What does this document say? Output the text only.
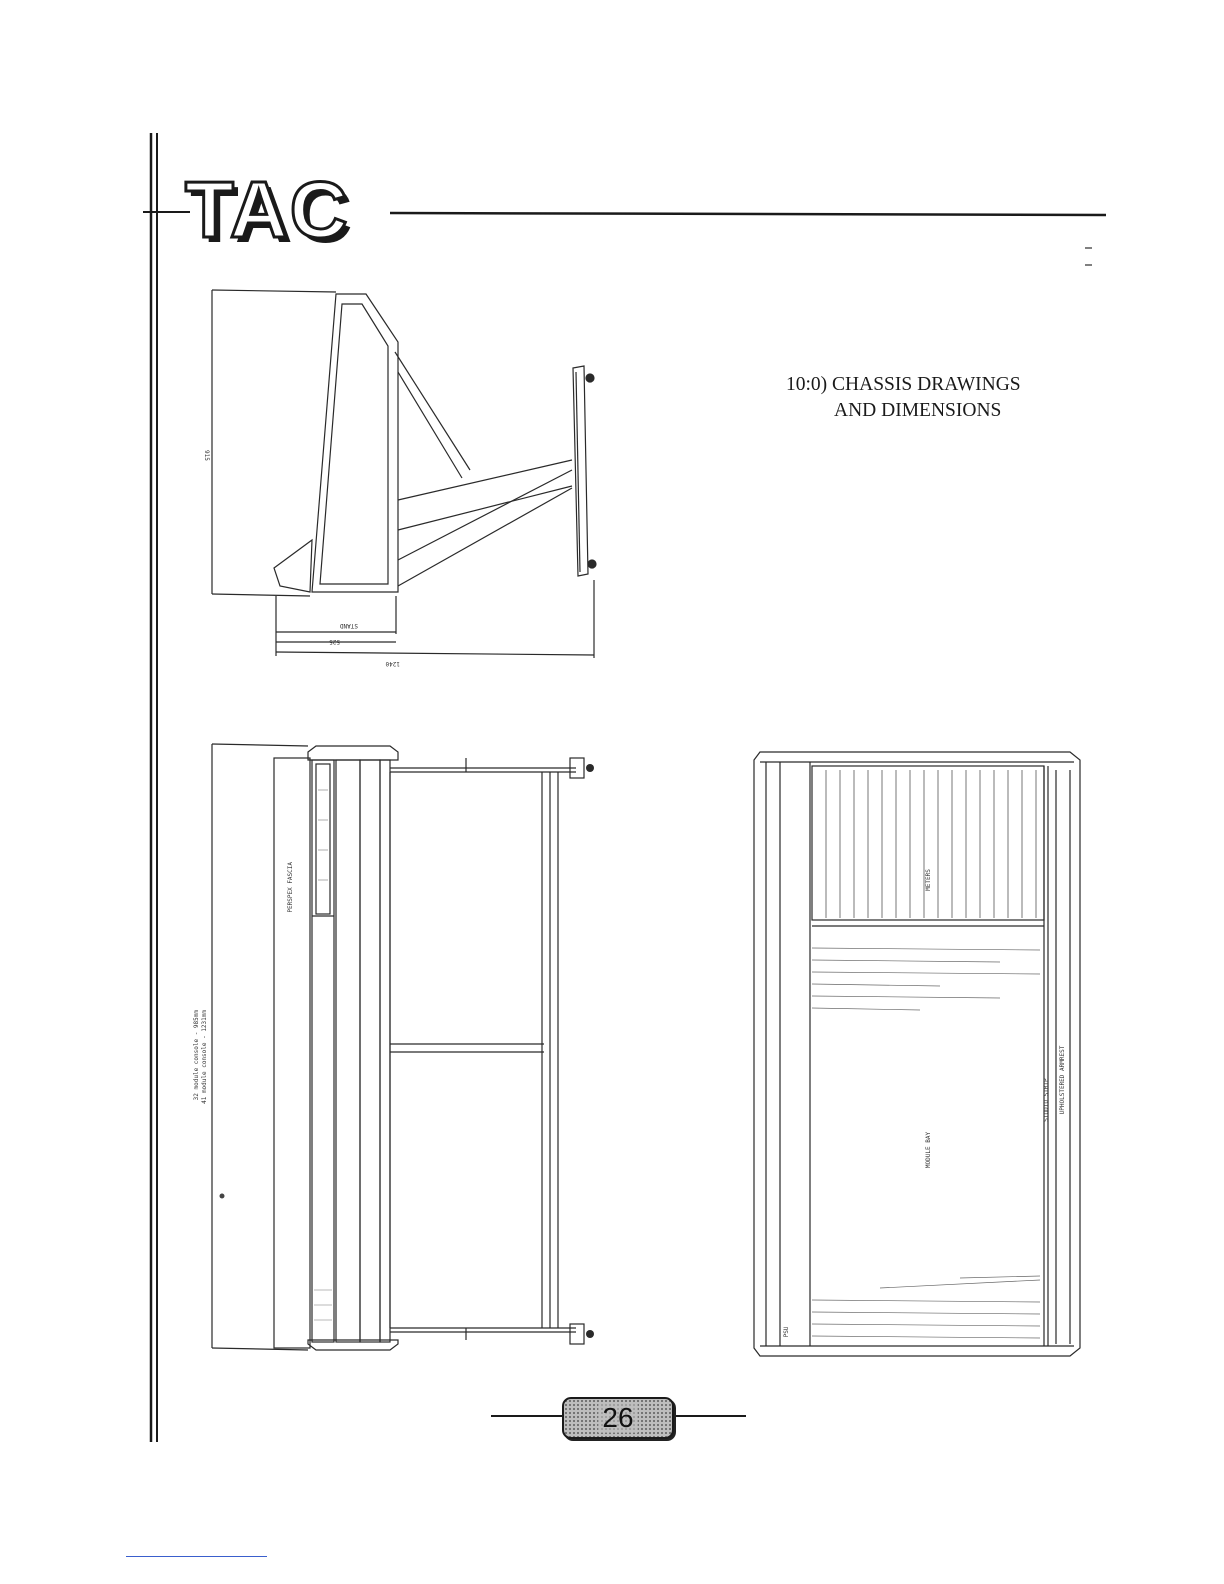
TAC
10:0) CHASSIS DRAWINGS
AND DIMENSIONS
915
STAND
525
1240
32 module console - 985mm 41 module console - 1231mm
PERSPEX FASCIA	METERS
MODULE BAY
STUDIO STRIP UPHOLSTERED ARMREST
PSU
26
